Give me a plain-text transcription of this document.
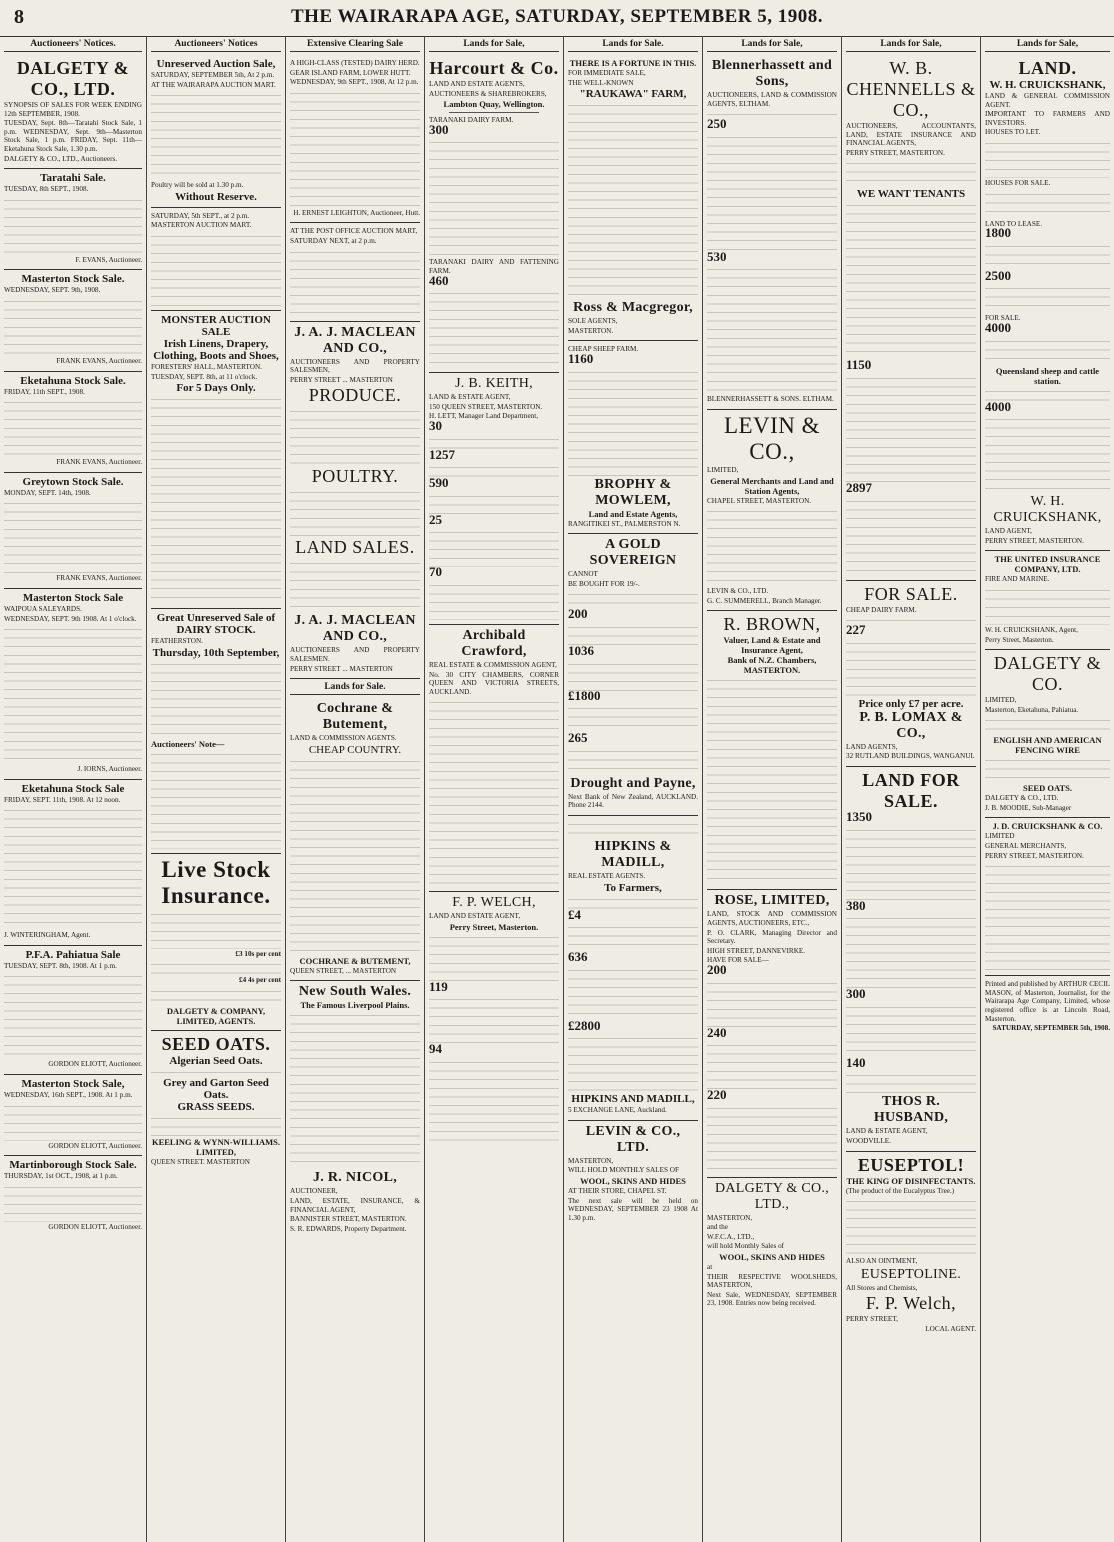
8	THE WAIRARAPA AGE, SATURDAY, SEPTEMBER 5, 1908.
Auctioneers' Notices.
DALGETY & CO., LTD.
SYNOPSIS OF SALES FOR WEEK ENDING 12th SEPTEMBER, 1908.
TUESDAY, Sept. 8th—Taratahi Stock Sale, 1 p.m. WEDNESDAY, Sept. 9th—Masterton Stock Sale, 1 p.m. FRIDAY, Sept. 11th—Eketahuna Stock Sale, 1.30 p.m.
DALGETY & CO., LTD., Auctioneers.
Taratahi Sale.
TUESDAY, 8th SEPT., 1908.
F. EVANS, Auctioneer.
Masterton Stock Sale.
WEDNESDAY, SEPT. 9th, 1908.
FRANK EVANS, Auctioneer.
Eketahuna Stock Sale.
FRIDAY, 11th SEPT., 1908.
FRANK EVANS, Auctioneer.
Greytown Stock Sale.
MONDAY, SEPT. 14th, 1908.
FRANK EVANS, Auctioneer.
Masterton Stock Sale
WAIPOUA SALEYARDS.
WEDNESDAY, SEPT. 9th 1908. At 1 o'clock.
J. IORNS, Auctioneer.
Eketahuna Stock Sale
FRIDAY, SEPT. 11th, 1908. At 12 noon.
J. WINTERINGHAM, Agent.
P.F.A. Pahiatua Sale
TUESDAY, SEPT. 8th, 1908. At 1 p.m.
GORDON ELIOTT, Auctioneer.
Masterton Stock Sale,
WEDNESDAY, 16th SEPT., 1908. At 1 p.m.
GORDON ELIOTT, Auctioneer.
Martinborough Stock Sale.
THURSDAY, 1st OCT., 1908, at 1 p.m.
GORDON ELIOTT, Auctioneer.
Auctioneers' Notices
Unreserved Auction Sale,
SATURDAY, SEPTEMBER 5th, At 2 p.m.
AT THE WAIRARAPA AUCTION MART.
Poultry will be sold at 1.30 p.m.
Without Reserve.
SATURDAY, 5th SEPT., at 2 p.m.
MASTERTON AUCTION MART.
MONSTER AUCTION SALE
Irish Linens, Drapery, Clothing, Boots and Shoes,
FORESTERS' HALL, MASTERTON.
TUESDAY, SEPT. 8th, at 11 o'clock.
For 5 Days Only.
Great Unreserved Sale of DAIRY STOCK.
FEATHERSTON.
Thursday, 10th September,
Auctioneers' Note—
Live Stock Insurance.
£3 10s per cent
£4 4s per cent
DALGETY & COMPANY, LIMITED, AGENTS.
SEED OATS.
Algerian Seed Oats.
Grey and Garton Seed Oats.
GRASS SEEDS.
KEELING & WYNN-WILLIAMS. LIMITED,
QUEEN STREET. MASTERTON
Extensive Clearing Sale
A HIGH-CLASS (TESTED) DAIRY HERD.
GEAR ISLAND FARM, LOWER HUTT.
WEDNESDAY, 9th SEPT., 1908, At 12 p.m.
H. ERNEST LEIGHTON, Auctioneer, Hutt.
AT THE POST OFFICE AUCTION MART,
SATURDAY NEXT, at 2 p.m.
J. A. J. MACLEAN AND CO.,
AUCTIONEERS AND PROPERTY SALESMEN,
PERRY STREET ... MASTERTON
PRODUCE.
POULTRY.
LAND SALES.
J. A. J. MACLEAN AND CO.,
AUCTIONEERS AND PROPERTY SALESMEN.
PERRY STREET ... MASTERTON
Lands for Sale.
Cochrane & Butement,
LAND & COMMISSION AGENTS.
CHEAP COUNTRY.
COCHRANE & BUTEMENT,
QUEEN STREET, ... MASTERTON
New South Wales.
The Famous Liverpool Plains.
J. R. NICOL,
AUCTIONEER,
LAND, ESTATE, INSURANCE, & FINANCIAL AGENT,
BANNISTER STREET, MASTERTON.
S. R. EDWARDS, Property Department.
Lands for Sale,
Harcourt & Co.
LAND AND ESTATE AGENTS,
AUCTIONEERS & SHAREBROKERS,
Lambton Quay, Wellington.
TARANAKI DAIRY FARM.
300
TARANAKI DAIRY AND FATTENING FARM.
460
J. B. KEITH,
LAND & ESTATE AGENT,
150 QUEEN STREET, MASTERTON.
H. LETT, Manager Land Department,
30
1257
590
25
70
Archibald Crawford,
REAL ESTATE & COMMISSION AGENT,
No. 30 CITY CHAMBERS, CORNER QUEEN AND VICTORIA STREETS, AUCKLAND.
F. P. WELCH,
LAND AND ESTATE AGENT,
Perry Street, Masterton.
119
94
Lands for Sale.
THERE IS A FORTUNE IN THIS.
FOR IMMEDIATE SALE,
THE WELL-KNOWN
"RAUKAWA" FARM,
Ross & Macgregor,
SOLE AGENTS,
MASTERTON.
CHEAP SHEEP FARM.
1160
BROPHY & MOWLEM,
Land and Estate Agents,
RANGITIKEI ST., PALMERSTON N.
A GOLD SOVEREIGN
CANNOT
BE BOUGHT FOR 19/-.
200
1036
£1800
265
Drought and Payne,
Next Bank of New Zealand, AUCKLAND. Phone 2144.
HIPKINS & MADILL,
REAL ESTATE AGENTS.
To Farmers,
£4
636
£2800
HIPKINS AND MADILL,
5 EXCHANGE LANE, Auckland.
LEVIN & CO., LTD.
MASTERTON,
WILL HOLD MONTHLY SALES OF
WOOL, SKINS AND HIDES
AT THEIR STORE, CHAPEL ST.
The next sale will be held on WEDNESDAY, SEPTEMBER 23 1908 At 1.30 p.m.
Lands for Sale,
Blennerhassett and Sons,
AUCTIONEERS, LAND & COMMISSION AGENTS, ELTHAM.
250
530
BLENNERHASSETT & SONS. ELTHAM.
LEVIN & CO.,
LIMITED,
General Merchants and Land and Station Agents,
CHAPEL STREET, MASTERTON.
LEVIN & CO., LTD.
G. C. SUMMERELL, Branch Manager.
R. BROWN,
Valuer, Land & Estate and Insurance Agent,
Bank of N.Z. Chambers, MASTERTON.
ROSE, LIMITED,
LAND, STOCK AND COMMISSION AGENTS, AUCTIONEERS, ETC.,
P. O. CLARK, Managing Director and Secretary.
HIGH STREET, DANNEVIRKE.
HAVE FOR SALE—
200
240
220
DALGETY & CO., LTD.,
MASTERTON,
and the
W.F.C.A., LTD.,
will hold Monthly Sales of
WOOL, SKINS AND HIDES
at
THEIR RESPECTIVE WOOLSHEDS, MASTERTON,
Next Sale, WEDNESDAY, SEPTEMBER 23, 1908. Entries now being received.
Lands for Sale,
W. B. CHENNELLS & CO.,
AUCTIONEERS, ACCOUNTANTS, LAND, ESTATE INSURANCE AND FINANCIAL AGENTS,
PERRY STREET, MASTERTON.
WE WANT TENANTS
1150
2897
FOR SALE.
CHEAP DAIRY FARM.
227
Price only £7 per acre.
P. B. LOMAX & CO.,
LAND AGENTS,
32 RUTLAND BUILDINGS, WANGANUI.
LAND FOR SALE.
1350
380
300
140
THOS R. HUSBAND,
LAND & ESTATE AGENT,
WOODVILLE.
EUSEPTOL!
THE KING OF DISINFECTANTS.
(The product of the Eucalyptus Tree.)
ALSO AN OINTMENT,
EUSEPTOLINE.
All Stores and Chemists,
F. P. Welch,
PERRY STREET,
LOCAL AGENT.
Lands for Sale,
LAND.
W. H. CRUICKSHANK,
LAND & GENERAL COMMISSION AGENT.
IMPORTANT TO FARMERS AND INVESTORS.
HOUSES TO LET.
HOUSES FOR SALE.
LAND TO LEASE.
1800
2500
FOR SALE.
4000
Queensland sheep and cattle station.
4000
W. H. CRUICKSHANK,
LAND AGENT,
PERRY STREET, MASTERTON.
THE UNITED INSURANCE COMPANY, LTD.
FIRE AND MARINE.
W. H. CRUICKSHANK, Agent,
Perry Street, Masterton.
DALGETY & CO.
LIMITED,
Masterton, Eketahuna, Pahiatua.
ENGLISH AND AMERICAN FENCING WIRE
SEED OATS.
DALGETY & CO., LTD.
J. B. MOODIE, Sub-Manager
J. D. CRUICKSHANK & CO.
LIMITED
GENERAL MERCHANTS,
PERRY STREET, MASTERTON.
Printed and published by ARTHUR CECIL MASON, of Masterton, Journalist, for the Wairarapa Age Company, Limited, whose registered office is at Lincoln Road, Masterton.
SATURDAY, SEPTEMBER 5th, 1908.
